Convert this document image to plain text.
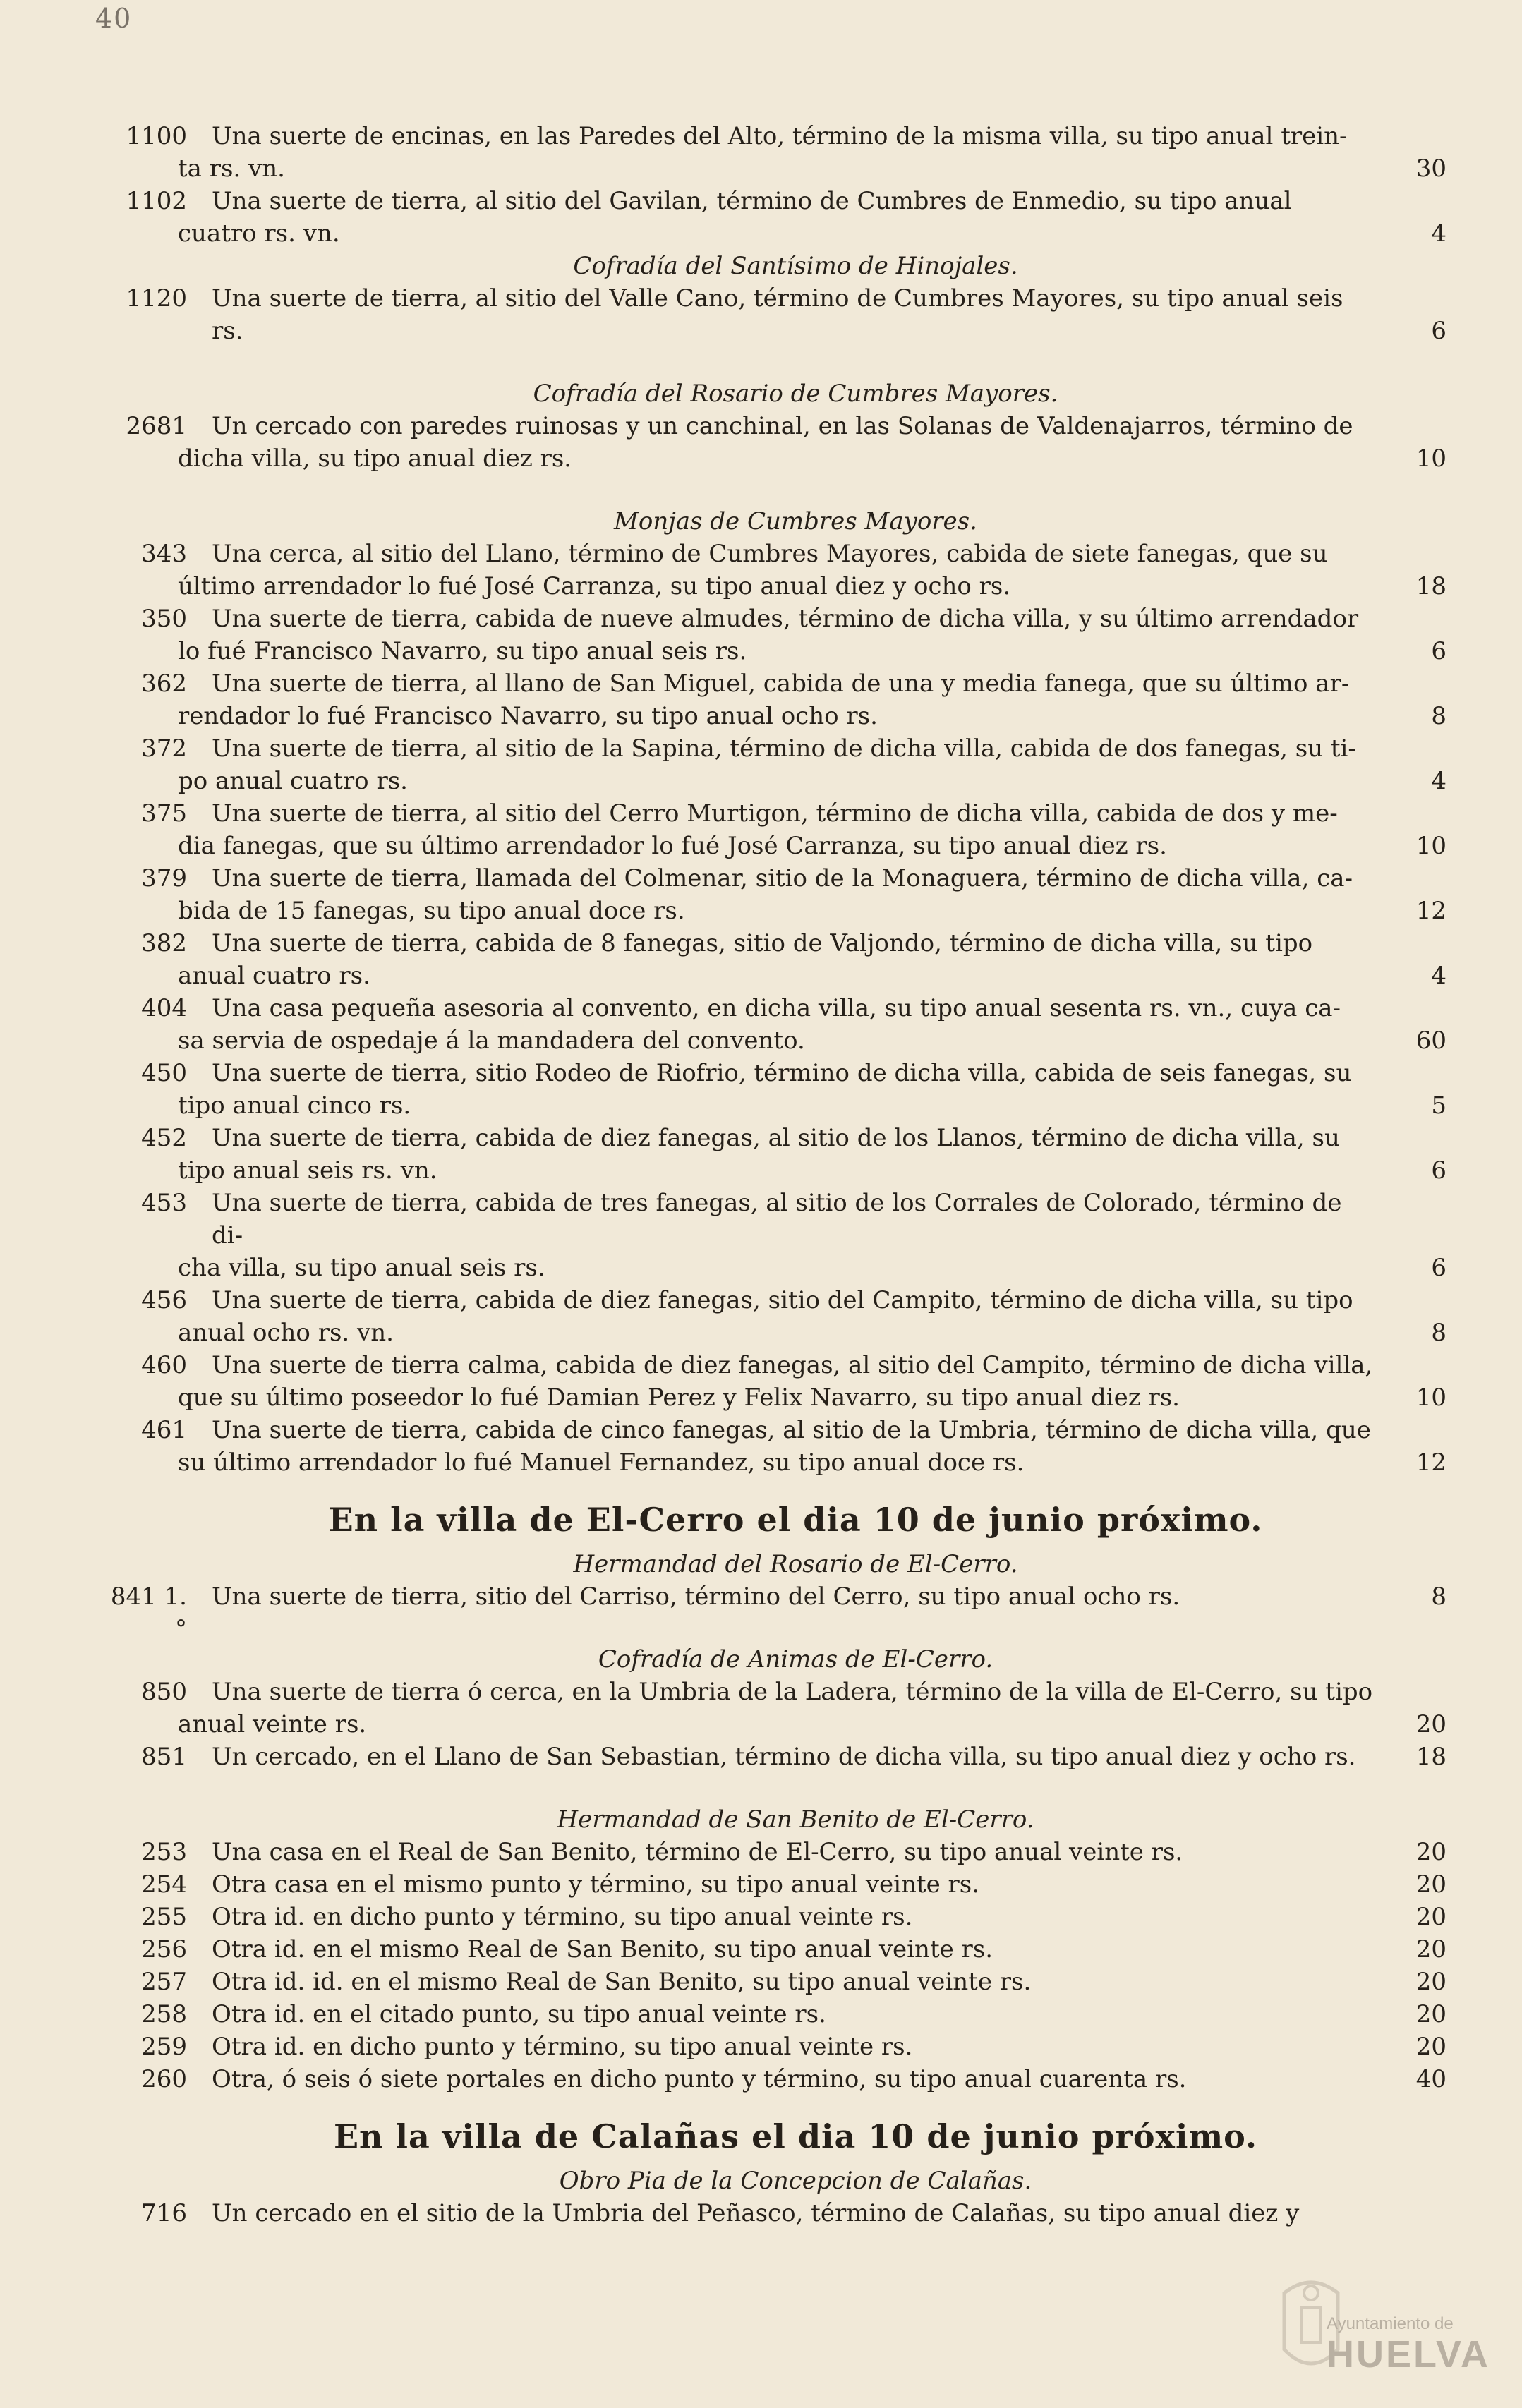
40
1100 Una suerte de encinas, en las Paredes del Alto, término de la misma villa, su tipo anual trein-
ta rs. vn.	30
1102 Una suerte de tierra, al sitio del Gavilan, término de Cumbres de Enmedio, su tipo anual
cuatro rs. vn.	4
Cofradía del Santísimo de Hinojales.
1120 Una suerte de tierra, al sitio del Valle Cano, término de Cumbres Mayores, su tipo anual seis rs.	6
Cofradía del Rosario de Cumbres Mayores.
2681 Un cercado con paredes ruinosas y un canchinal, en las Solanas de Valdenajarros, término de
dicha villa, su tipo anual diez rs.	10
Monjas de Cumbres Mayores.
343 Una cerca, al sitio del Llano, término de Cumbres Mayores, cabida de siete fanegas, que su
último arrendador lo fué José Carranza, su tipo anual diez y ocho rs.	18
350 Una suerte de tierra, cabida de nueve almudes, término de dicha villa, y su último arrendador
lo fué Francisco Navarro, su tipo anual seis rs.	6
362 Una suerte de tierra, al llano de San Miguel, cabida de una y media fanega, que su último ar-
rendador lo fué Francisco Navarro, su tipo anual ocho rs.	8
372 Una suerte de tierra, al sitio de la Sapina, término de dicha villa, cabida de dos fanegas, su ti-
po anual cuatro rs.	4
375 Una suerte de tierra, al sitio del Cerro Murtigon, término de dicha villa, cabida de dos y me-
dia fanegas, que su último arrendador lo fué José Carranza, su tipo anual diez rs.	10
379 Una suerte de tierra, llamada del Colmenar, sitio de la Monaguera, término de dicha villa, ca-
bida de 15 fanegas, su tipo anual doce rs.	12
382 Una suerte de tierra, cabida de 8 fanegas, sitio de Valjondo, término de dicha villa, su tipo
anual cuatro rs.	4
404 Una casa pequeña asesoria al convento, en dicha villa, su tipo anual sesenta rs. vn., cuya ca-
sa servia de ospedaje á la mandadera del convento.	60
450 Una suerte de tierra, sitio Rodeo de Riofrio, término de dicha villa, cabida de seis fanegas, su
tipo anual cinco rs.	5
452 Una suerte de tierra, cabida de diez fanegas, al sitio de los Llanos, término de dicha villa, su
tipo anual seis rs. vn.	6
453 Una suerte de tierra, cabida de tres fanegas, al sitio de los Corrales de Colorado, término de di-
cha villa, su tipo anual seis rs.	6
456 Una suerte de tierra, cabida de diez fanegas, sitio del Campito, término de dicha villa, su tipo
anual ocho rs. vn.	8
460 Una suerte de tierra calma, cabida de diez fanegas, al sitio del Campito, término de dicha villa,
que su último poseedor lo fué Damian Perez y Felix Navarro, su tipo anual diez rs.	10
461 Una suerte de tierra, cabida de cinco fanegas, al sitio de la Umbria, término de dicha villa, que
su último arrendador lo fué Manuel Fernandez, su tipo anual doce rs.	12
En la villa de El-Cerro el dia 10 de junio próximo.
Hermandad del Rosario de El-Cerro.
841 1.°
Una suerte de tierra, sitio del Carriso, término del Cerro, su tipo anual ocho rs.	8
Cofradía de Animas de El-Cerro.
850 Una suerte de tierra ó cerca, en la Umbria de la Ladera, término de la villa de El-Cerro, su tipo
anual veinte rs.	20
851 Un cercado, en el Llano de San Sebastian, término de dicha villa, su tipo anual diez y ocho rs.	18
Hermandad de San Benito de El-Cerro.
253 Una casa en el Real de San Benito, término de El-Cerro, su tipo anual veinte rs.	20
254 Otra casa en el mismo punto y término, su tipo anual veinte rs.	20
255 Otra id. en dicho punto y término, su tipo anual veinte rs.	20
256 Otra id. en el mismo Real de San Benito, su tipo anual veinte rs.	20
257 Otra id. id. en el mismo Real de San Benito, su tipo anual veinte rs.	20
258 Otra id. en el citado punto, su tipo anual veinte rs.	20
259 Otra id. en dicho punto y término, su tipo anual veinte rs.	20
260 Otra, ó seis ó siete portales en dicho punto y término, su tipo anual cuarenta rs.	40
En la villa de Calañas el dia 10 de junio próximo.
Obro Pia de la Concepcion de Calañas.
716 Un cercado en el sitio de la Umbria del Peñasco, término de Calañas, su tipo anual diez y
Ayuntamiento de
HUELVA
